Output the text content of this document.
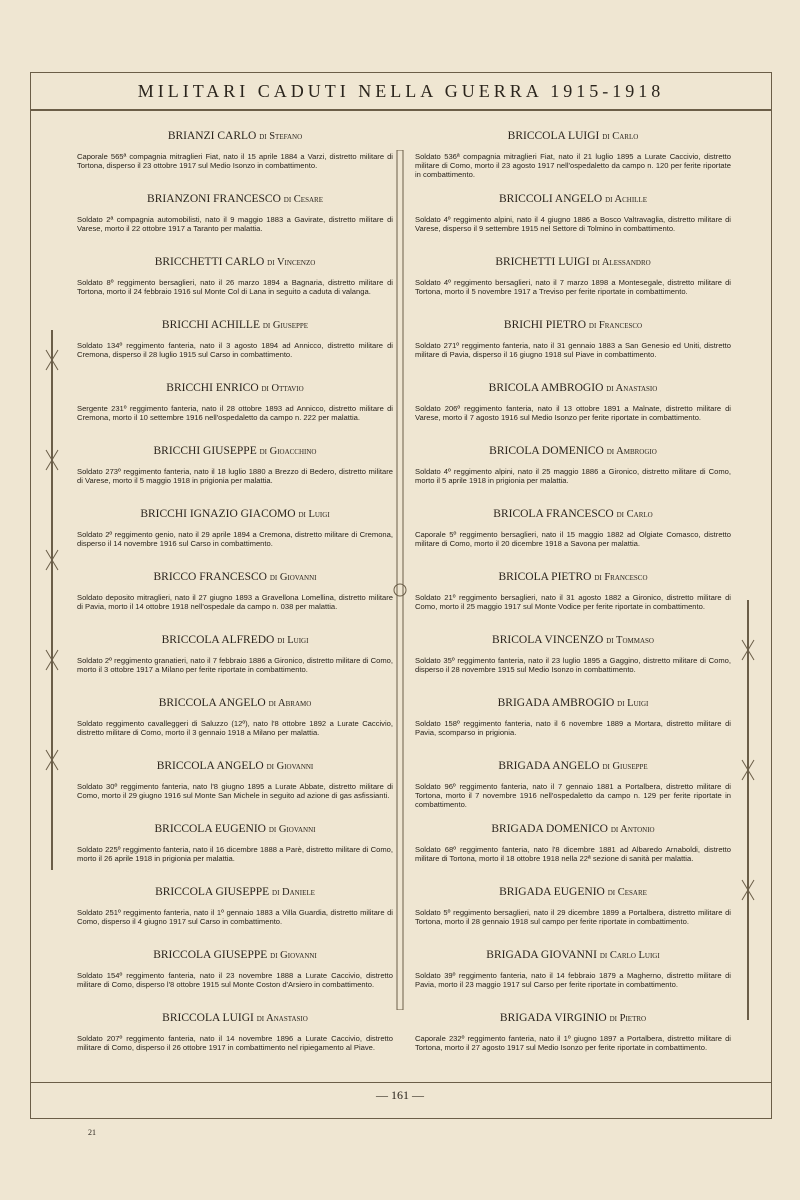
MILITARI CADUTI NELLA GUERRA 1915-1918
BRIANZI CARLO di Stefano
Caporale 565ª compagnia mitraglieri Fiat, nato il 15 aprile 1884 a Varzi, distretto militare di Tortona, disperso il 23 ottobre 1917 sul Medio Isonzo in combattimento.
BRIANZONI FRANCESCO di Cesare
Soldato 2ª compagnia automobilisti, nato il 9 maggio 1883 a Gavirate, distretto militare di Varese, morto il 22 ottobre 1917 a Taranto per malattia.
BRICCHETTI CARLO di Vincenzo
Soldato 8º reggimento bersaglieri, nato il 26 marzo 1894 a Bagnaria, distretto militare di Tortona, morto il 24 febbraio 1916 sul Monte Col di Lana in seguito a caduta di valanga.
BRICCHI ACHILLE di Giuseppe
Soldato 134º reggimento fanteria, nato il 3 agosto 1894 ad Annicco, distretto militare di Cremona, disperso il 28 luglio 1915 sul Carso in combattimento.
BRICCHI ENRICO di Ottavio
Sergente 231º reggimento fanteria, nato il 28 ottobre 1893 ad Annicco, distretto militare di Cremona, morto il 10 settembre 1916 nell'ospedaletto da campo n. 222 per malattia.
BRICCHI GIUSEPPE di Gioacchino
Soldato 273º reggimento fanteria, nato il 18 luglio 1880 a Brezzo di Bedero, distretto militare di Varese, morto il 5 maggio 1918 in prigionia per malattia.
BRICCHI IGNAZIO GIACOMO di Luigi
Soldato 2º reggimento genio, nato il 29 aprile 1894 a Cremona, distretto militare di Cremona, disperso il 14 novembre 1916 sul Carso in combattimento.
BRICCO FRANCESCO di Giovanni
Soldato deposito mitraglieri, nato il 27 giugno 1893 a Gravellona Lomellina, distretto militare di Pavia, morto il 14 ottobre 1918 nell'ospedale da campo n. 038 per malattia.
BRICCOLA ALFREDO di Luigi
Soldato 2º reggimento granatieri, nato il 7 febbraio 1886 a Gironico, distretto militare di Como, morto il 3 ottobre 1917 a Milano per ferite riportate in combattimento.
BRICCOLA ANGELO di Abramo
Soldato reggimento cavalleggeri di Saluzzo (12º), nato l'8 ottobre 1892 a Lurate Caccivio, distretto militare di Como, morto il 3 gennaio 1918 a Milano per malattia.
BRICCOLA ANGELO di Giovanni
Soldato 30º reggimento fanteria, nato l'8 giugno 1895 a Lurate Abbate, distretto militare di Como, morto il 29 giugno 1916 sul Monte San Michele in seguito ad azione di gas asfissianti.
BRICCOLA EUGENIO di Giovanni
Soldato 225º reggimento fanteria, nato il 16 dicembre 1888 a Parè, distretto militare di Como, morto il 26 aprile 1918 in prigionia per malattia.
BRICCOLA GIUSEPPE di Daniele
Soldato 251º reggimento fanteria, nato il 1º gennaio 1883 a Villa Guardia, distretto militare di Como, disperso il 4 giugno 1917 sul Carso in combattimento.
BRICCOLA GIUSEPPE di Giovanni
Soldato 154º reggimento fanteria, nato il 23 novembre 1888 a Lurate Caccivio, distretto militare di Como, disperso l'8 ottobre 1915 sul Monte Coston d'Arsiero in combattimento.
BRICCOLA LUIGI di Anastasio
Soldato 207º reggimento fanteria, nato il 14 novembre 1896 a Lurate Caccivio, distretto militare di Como, disperso il 26 ottobre 1917 in combattimento nel ripiegamento al Piave.
BRICCOLA LUIGI di Carlo
Soldato 536ª compagnia mitraglieri Fiat, nato il 21 luglio 1895 a Lurate Caccivio, distretto militare di Como, morto il 23 agosto 1917 nell'ospedaletto da campo n. 120 per ferite riportate in combattimento.
BRICCOLI ANGELO di Achille
Soldato 4º reggimento alpini, nato il 4 giugno 1886 a Bosco Valtravaglia, distretto militare di Varese, disperso il 9 settembre 1915 nel Settore di Tolmino in combattimento.
BRICHETTI LUIGI di Alessandro
Soldato 4º reggimento bersaglieri, nato il 7 marzo 1898 a Montesegale, distretto militare di Tortona, morto il 5 novembre 1917 a Treviso per ferite riportate in combattimento.
BRICHI PIETRO di Francesco
Soldato 271º reggimento fanteria, nato il 31 gennaio 1883 a San Genesio ed Uniti, distretto militare di Pavia, disperso il 16 giugno 1918 sul Piave in combattimento.
BRICOLA AMBROGIO di Anastasio
Soldato 206º reggimento fanteria, nato il 13 ottobre 1891 a Malnate, distretto militare di Varese, morto il 7 agosto 1916 sul Medio Isonzo per ferite riportate in combattimento.
BRICOLA DOMENICO di Ambrogio
Soldato 4º reggimento alpini, nato il 25 maggio 1886 a Gironico, distretto militare di Como, morto il 5 aprile 1918 in prigionia per malattia.
BRICOLA FRANCESCO di Carlo
Caporale 5º reggimento bersaglieri, nato il 15 maggio 1882 ad Olgiate Comasco, distretto militare di Como, morto il 20 dicembre 1918 a Savona per malattia.
BRICOLA PIETRO di Francesco
Soldato 21º reggimento bersaglieri, nato il 31 agosto 1882 a Gironico, distretto militare di Como, morto il 25 maggio 1917 sul Monte Vodice per ferite riportate in combattimento.
BRICOLA VINCENZO di Tommaso
Soldato 35º reggimento fanteria, nato il 23 luglio 1895 a Gaggino, distretto militare di Como, disperso il 28 novembre 1915 sul Medio Isonzo in combattimento.
BRIGADA AMBROGIO di Luigi
Soldato 158º reggimento fanteria, nato il 6 novembre 1889 a Mortara, distretto militare di Pavia, scomparso in prigionia.
BRIGADA ANGELO di Giuseppe
Soldato 96º reggimento fanteria, nato il 7 gennaio 1881 a Portalbera, distretto militare di Tortona, morto il 7 novembre 1916 nell'ospedaletto da campo n. 129 per ferite riportate in combattimento.
BRIGADA DOMENICO di Antonio
Soldato 68º reggimento fanteria, nato l'8 dicembre 1881 ad Albaredo Arnaboldi, distretto militare di Tortona, morto il 18 ottobre 1918 nella 22ª sezione di sanità per malattia.
BRIGADA EUGENIO di Cesare
Soldato 5º reggimento bersaglieri, nato il 29 dicembre 1899 a Portalbera, distretto militare di Tortona, morto il 28 gennaio 1918 sul campo per ferite riportate in combattimento.
BRIGADA GIOVANNI di Carlo Luigi
Soldato 39º reggimento fanteria, nato il 14 febbraio 1879 a Magherno, distretto militare di Pavia, morto il 23 maggio 1917 sul Carso per ferite riportate in combattimento.
BRIGADA VIRGINIO di Pietro
Caporale 232º reggimento fanteria, nato il 1º giugno 1897 a Portalbera, distretto militare di Tortona, morto il 27 agosto 1917 sul Medio Isonzo per ferite riportate in combattimento.
— 161 —
21
